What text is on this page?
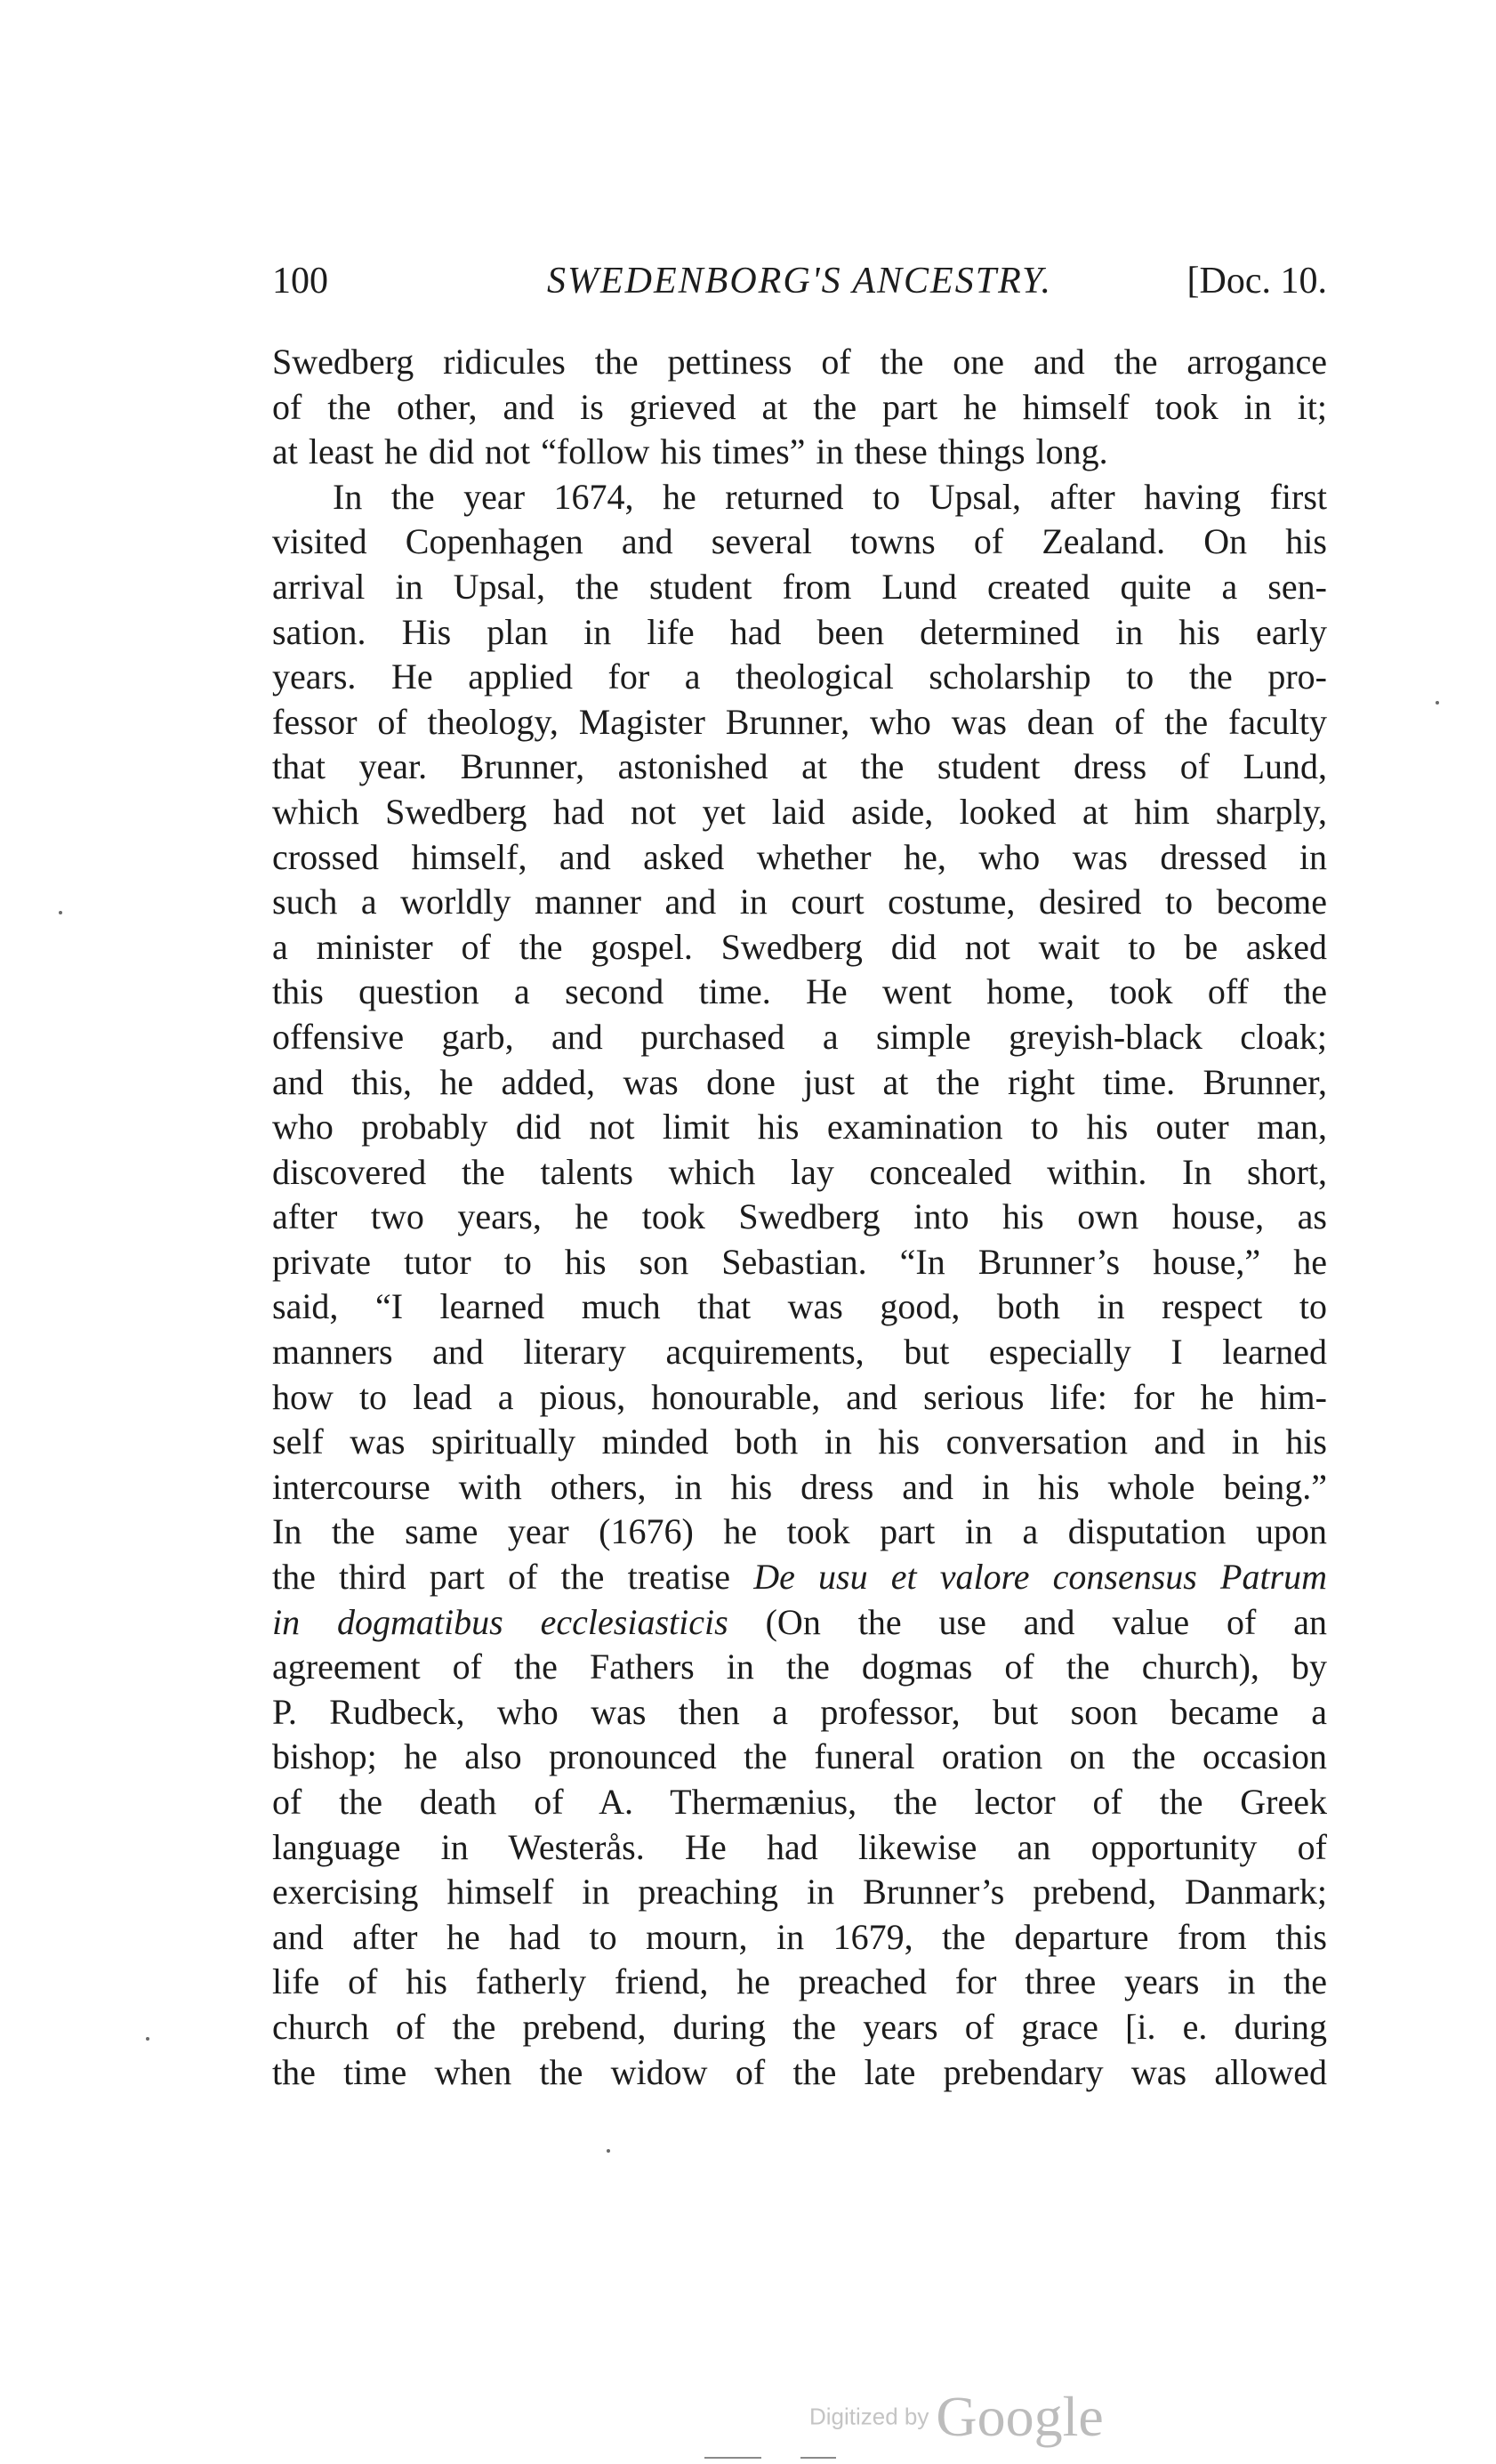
100	SWEDENBORG'S ANCESTRY.	[Doc. 10.
Swedberg ridicules the pettiness of the one and the arrogance
of the other, and is grieved at the part he himself took in it;
at least he did not “follow his times” in these things long.
In the year 1674, he returned to Upsal, after having first
visited Copenhagen and several towns of Zealand. On his
arrival in Upsal, the student from Lund created quite a sen-
sation. His plan in life had been determined in his early
years. He applied for a theological scholarship to the pro-
fessor of theology, Magister Brunner, who was dean of the faculty
that year. Brunner, astonished at the student dress of Lund,
which Swedberg had not yet laid aside, looked at him sharply,
crossed himself, and asked whether he, who was dressed in
such a worldly manner and in court costume, desired to become
a minister of the gospel. Swedberg did not wait to be asked
this question a second time. He went home, took off the
offensive garb, and purchased a simple greyish-black cloak;
and this, he added, was done just at the right time. Brunner,
who probably did not limit his examination to his outer man,
discovered the talents which lay concealed within. In short,
after two years, he took Swedberg into his own house, as
private tutor to his son Sebastian. “In Brunner’s house,” he
said, “I learned much that was good, both in respect to
manners and literary acquirements, but especially I learned
how to lead a pious, honourable, and serious life: for he him-
self was spiritually minded both in his conversation and in his
intercourse with others, in his dress and in his whole being.”
In the same year (1676) he took part in a disputation upon
the third part of the treatise De usu et valore consensus Patrum
in dogmatibus ecclesiasticis (On the use and value of an
agreement of the Fathers in the dogmas of the church), by
P. Rudbeck, who was then a professor, but soon became a
bishop; he also pronounced the funeral oration on the occasion
of the death of A. Thermænius, the lector of the Greek
language in Westerås. He had likewise an opportunity of
exercising himself in preaching in Brunner’s prebend, Danmark;
and after he had to mourn, in 1679, the departure from this
life of his fatherly friend, he preached for three years in the
church of the prebend, during the years of grace [i. e. during
the time when the widow of the late prebendary was allowed
Digitized by Google
